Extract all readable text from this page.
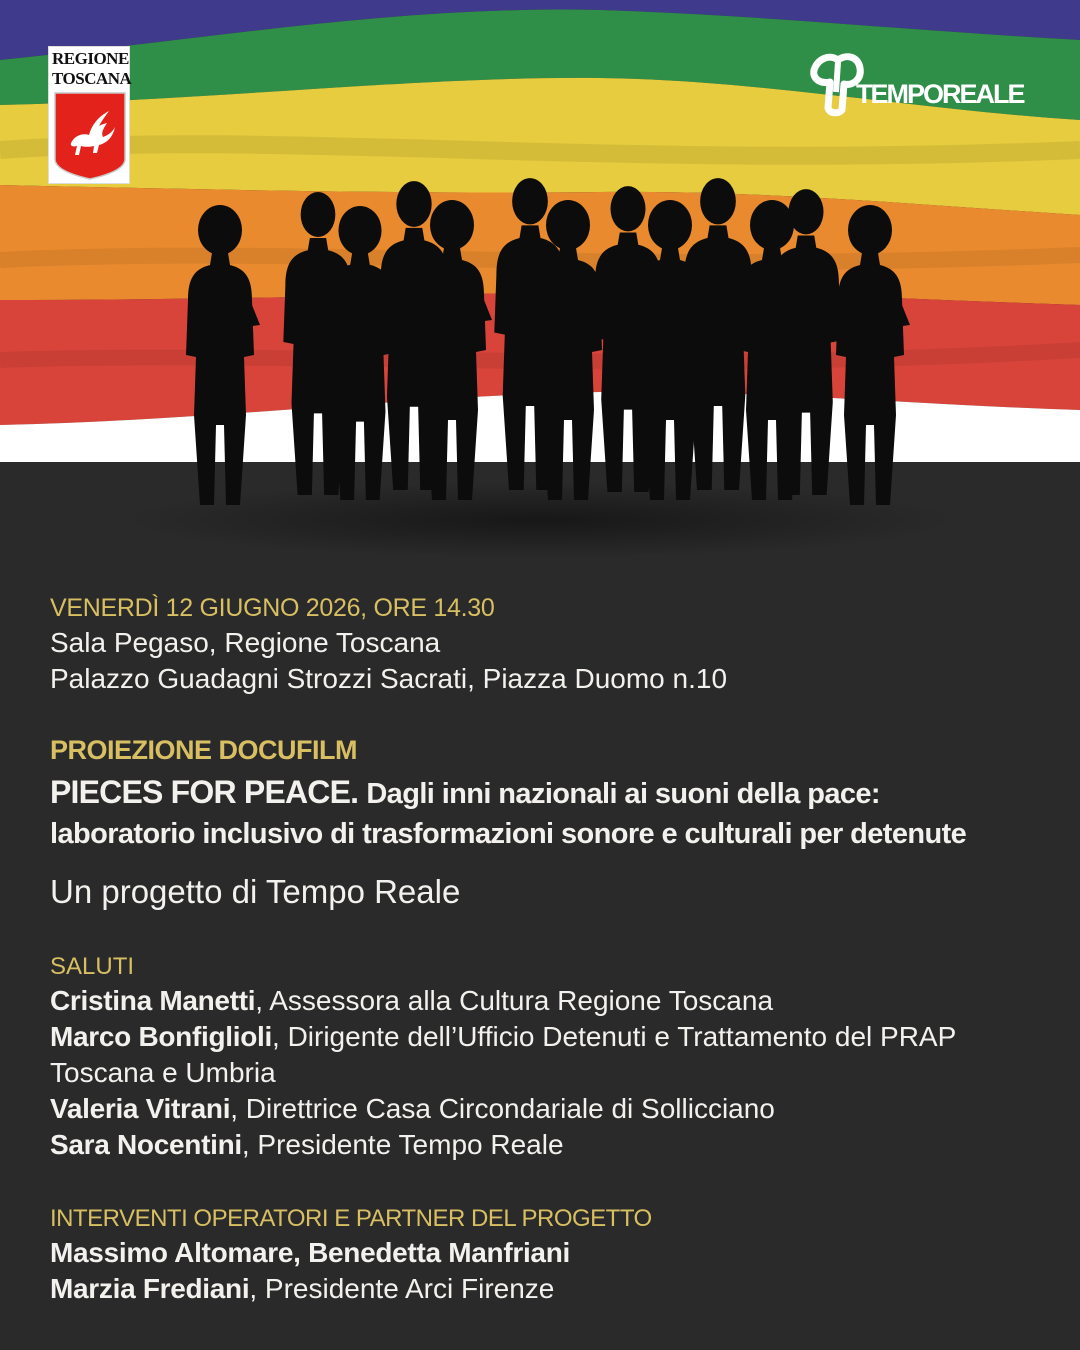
REGIONE
TOSCANA
TEMPOREALE
VENERDÌ 12 GIUGNO 2026, ORE 14.30
Sala Pegaso, Regione Toscana
Palazzo Guadagni Strozzi Sacrati, Piazza Duomo n.10
PROIEZIONE DOCUFILM
PIECES FOR PEACE. Dagli inni nazionali ai suoni della pace:
laboratorio inclusivo di trasformazioni sonore e culturali per detenute
Un progetto di Tempo Reale
SALUTI
Cristina Manetti, Assessora alla Cultura Regione Toscana
Marco Bonfiglioli, Dirigente dell’Ufficio Detenuti e Trattamento del PRAP
Toscana e Umbria
Valeria Vitrani, Direttrice Casa Circondariale di Sollicciano
Sara Nocentini, Presidente Tempo Reale
INTERVENTI OPERATORI E PARTNER DEL PROGETTO
Massimo Altomare, Benedetta Manfriani
Marzia Frediani, Presidente Arci Firenze
